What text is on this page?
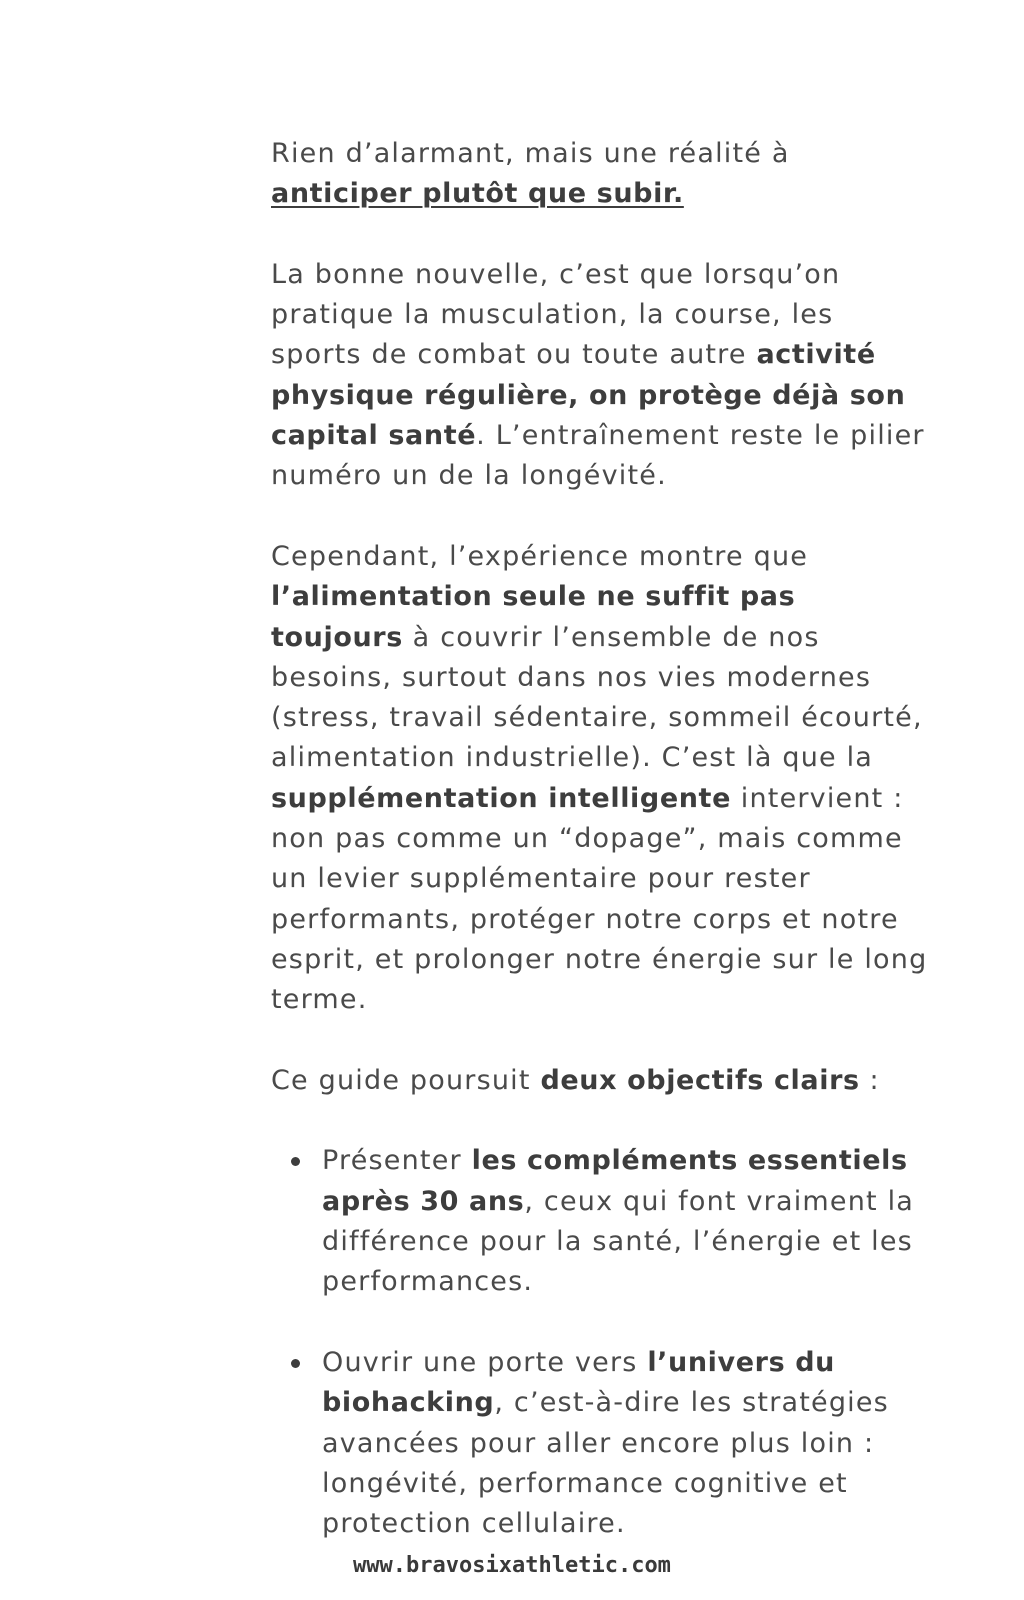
Rien d’alarmant, mais une réalité à anticiper plutôt que subir.

La bonne nouvelle, c’est que lorsqu’on pratique la musculation, la course, les sports de combat ou toute autre activité physique régulière, on protège déjà son capital santé. L’entraînement reste le pilier numéro un de la longévité.

Cependant, l’expérience montre que l’alimentation seule ne suffit pas toujours à couvrir l’ensemble de nos besoins, surtout dans nos vies modernes (stress, travail sédentaire, sommeil écourté, alimentation industrielle). C’est là que la supplémentation intelligente intervient : non pas comme un “dopage”, mais comme un levier supplémentaire pour rester performants, protéger notre corps et notre esprit, et prolonger notre énergie sur le long terme.

Ce guide poursuit deux objectifs clairs :

Présenter les compléments essentiels après 30 ans, ceux qui font vraiment la différence pour la santé, l’énergie et les performances.
Ouvrir une porte vers l’univers du biohacking, c’est-à-dire les stratégies avancées pour aller encore plus loin : longévité, performance cognitive et protection cellulaire.
www.bravosixathletic.com
